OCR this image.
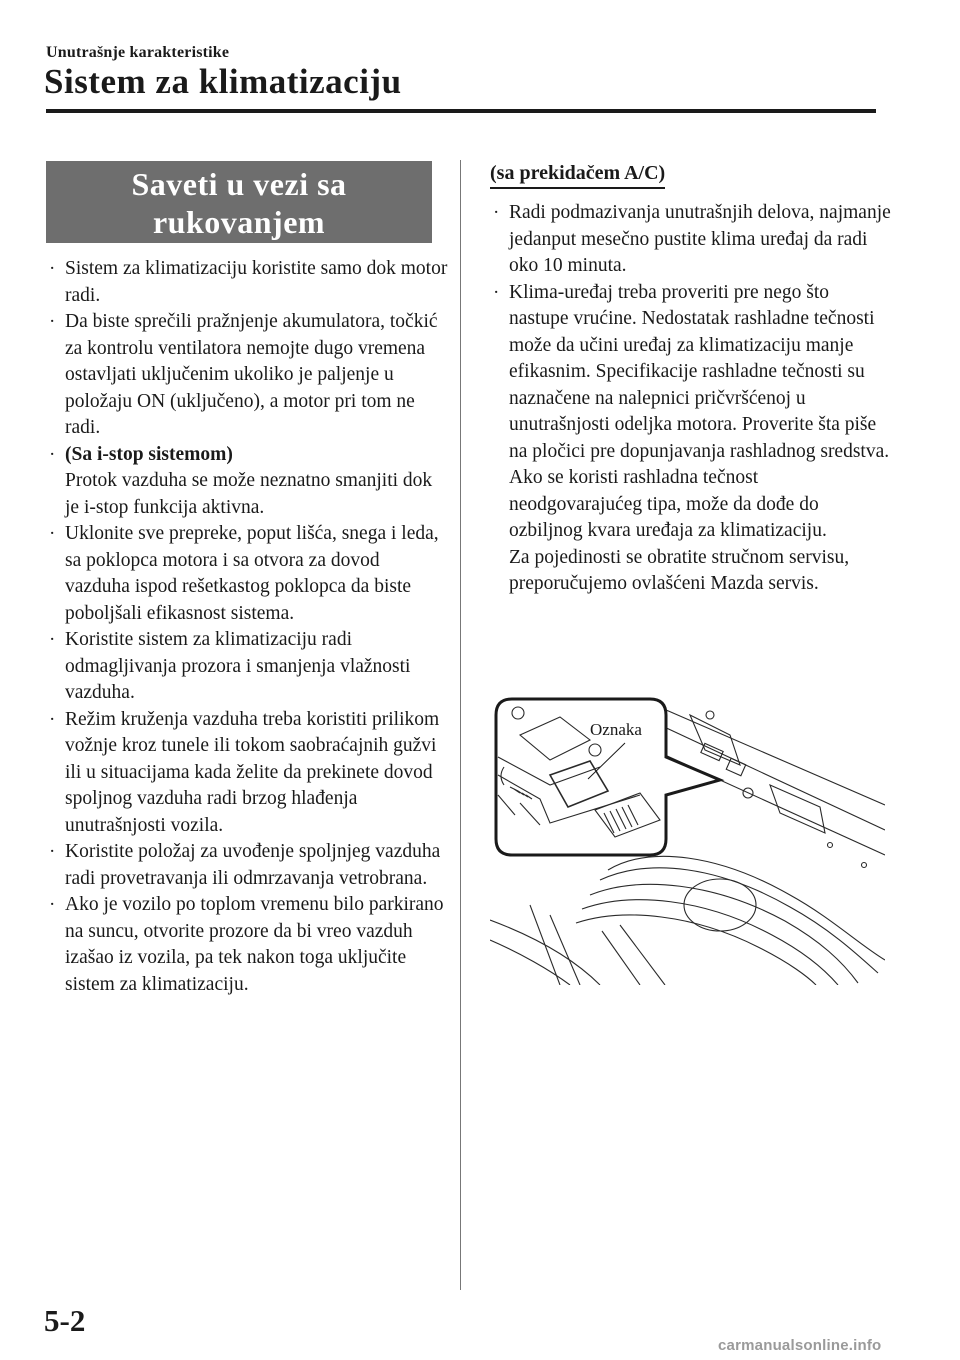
Unutrašnje karakteristike
Sistem za klimatizaciju
Saveti u vezi sa
rukovanjem
· Sistem za klimatizaciju koristite samo dok motor radi.
· Da biste sprečili pražnjenje akumulatora, točkić za kontrolu ventilatora nemojte dugo vremena ostavljati uključenim ukoliko je paljenje u položaju ON (uključeno), a motor pri tom ne radi.
· (Sa i-stop sistemom)
Protok vazduha se može neznatno smanjiti dok je i-stop funkcija aktivna.
· Uklonite sve prepreke, poput lišća, snega i leda, sa poklopca motora i sa otvora za dovod vazduha ispod rešetkastog poklopca da biste poboljšali efikasnost sistema.
· Koristite sistem za klimatizaciju radi odmagljivanja prozora i smanjenja vlažnosti vazduha.
· Režim kruženja vazduha treba koristiti prilikom vožnje kroz tunele ili tokom saobraćajnih gužvi ili u situacijama kada želite da prekinete dovod spoljnog vazduha radi brzog hlađenja unutrašnjosti vozila.
· Koristite položaj za uvođenje spoljnjeg vazduha radi provetravanja ili odmrzavanja vetrobrana.
· Ako je vozilo po toplom vremenu bilo parkirano na suncu, otvorite prozore da bi vreo vazduh izašao iz vozila, pa tek nakon toga uključite sistem za klimatizaciju.
(sa prekidačem A/C)
· Radi podmazivanja unutrašnjih delova, najmanje jedanput mesečno pustite klima uređaj da radi oko 10 minuta.
· Klima-uređaj treba proveriti pre nego što nastupe vrućine. Nedostatak rashladne tečnosti može da učini uređaj za klimatizaciju manje efikasnim. Specifikacije rashladne tečnosti su naznačene na nalepnici pričvršćenoj u unutrašnjosti odeljka motora. Proverite šta piše na pločici pre dopunjavanja rashladnog sredstva. Ako se koristi rashladna tečnost neodgovarajućeg tipa, može da dođe do ozbiljnog kvara uređaja za klimatizaciju.
Za pojedinosti se obratite stručnom servisu, preporučujemo ovlašćeni Mazda servis.
Oznaka
5-2
carmanualsonline.info
